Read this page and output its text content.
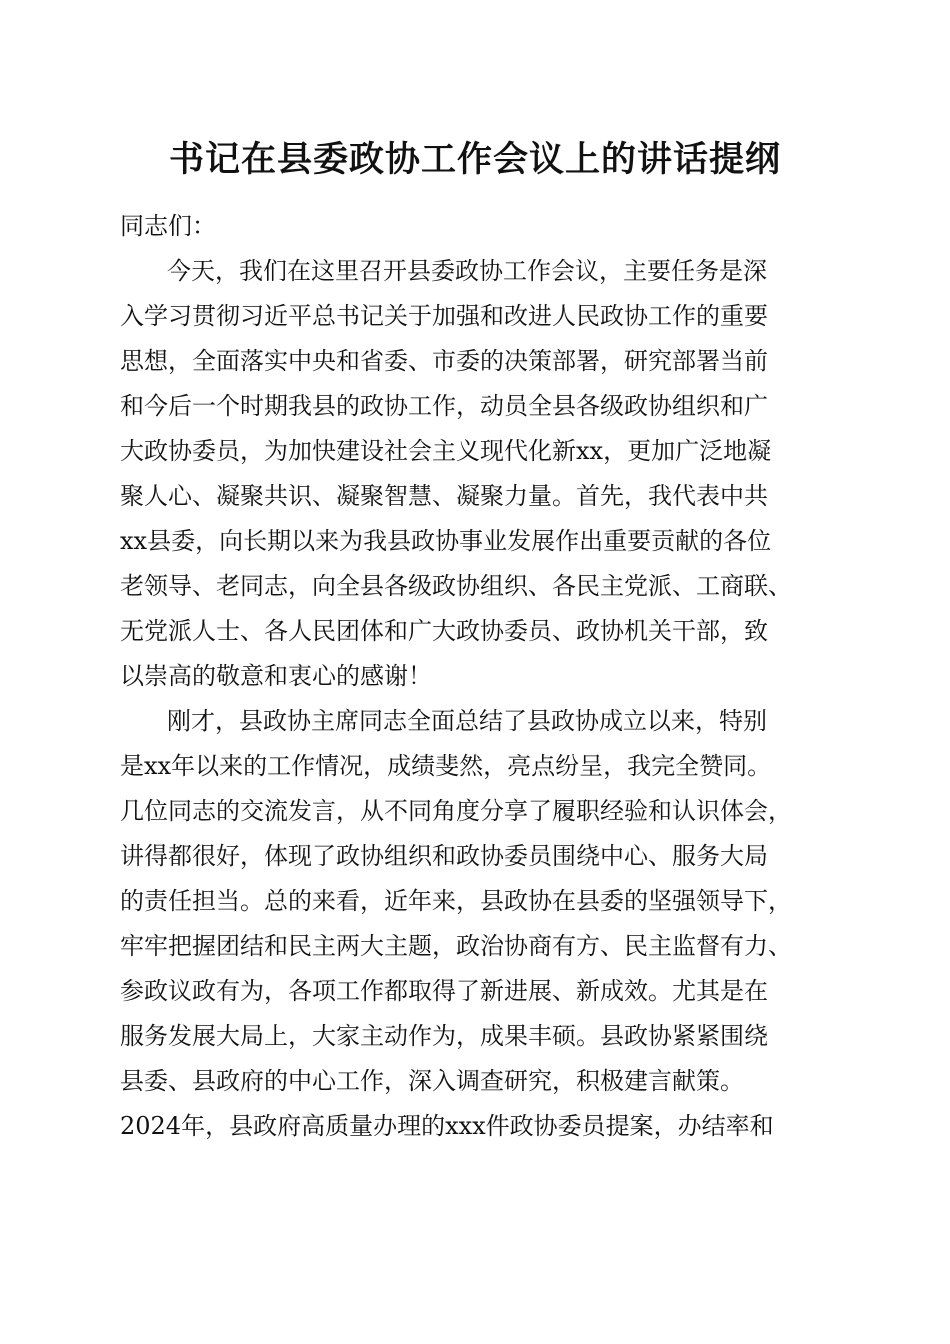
书记在县委政协工作会议上的讲话提纲
同志们：
今天，我们在这里召开县委政协工作会议，主要任务是深
入学习贯彻习近平总书记关于加强和改进人民政协工作的重要
思想，全面落实中央和省委、市委的决策部署，研究部署当前
和今后一个时期我县的政协工作，动员全县各级政协组织和广
大政协委员，为加快建设社会主义现代化新xx，更加广泛地凝
聚人心、凝聚共识、凝聚智慧、凝聚力量。首先，我代表中共
xx县委，向长期以来为我县政协事业发展作出重要贡献的各位
老领导、老同志，向全县各级政协组织、各民主党派、工商联、
无党派人士、各人民团体和广大政协委员、政协机关干部，致
以崇高的敬意和衷心的感谢！
刚才，县政协主席同志全面总结了县政协成立以来，特别
是xx年以来的工作情况，成绩斐然，亮点纷呈，我完全赞同。
几位同志的交流发言，从不同角度分享了履职经验和认识体会，
讲得都很好，体现了政协组织和政协委员围绕中心、服务大局
的责任担当。总的来看，近年来，县政协在县委的坚强领导下，
牢牢把握团结和民主两大主题，政治协商有方、民主监督有力、
参政议政有为，各项工作都取得了新进展、新成效。尤其是在
服务发展大局上，大家主动作为，成果丰硕。县政协紧紧围绕
县委、县政府的中心工作，深入调查研究，积极建言献策。
2024年，县政府高质量办理的xxx件政协委员提案，办结率和
